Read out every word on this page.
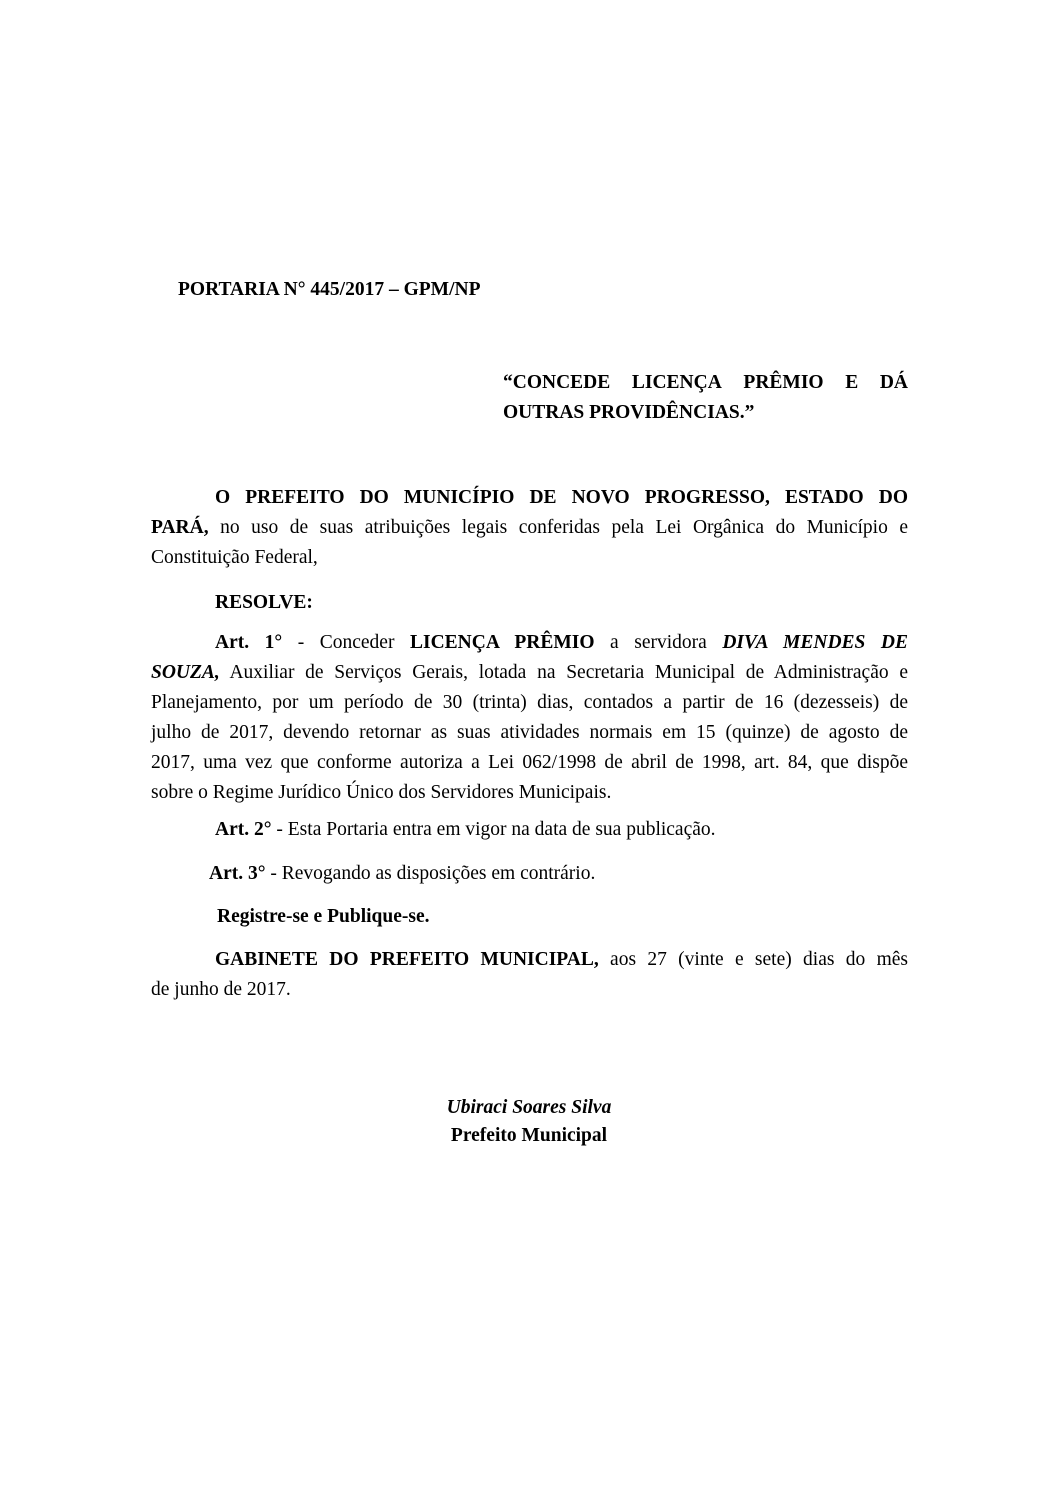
PORTARIA N° 445/2017 – GPM/NP
“CONCEDE LICENÇA PRÊMIO E DÁ
OUTRAS PROVIDÊNCIAS.”
O PREFEITO DO MUNICÍPIO DE NOVO PROGRESSO, ESTADO DO
PARÁ, no uso de suas atribuições legais conferidas pela Lei Orgânica do Município e
Constituição Federal,
RESOLVE:
Art. 1° - Conceder LICENÇA PRÊMIO a servidora DIVA MENDES DE
SOUZA, Auxiliar de Serviços Gerais, lotada na Secretaria Municipal de Administração e
Planejamento, por um período de 30 (trinta) dias, contados a partir de 16 (dezesseis) de
julho de 2017, devendo retornar as suas atividades normais em 15 (quinze) de agosto de
2017, uma vez que conforme autoriza a Lei 062/1998 de abril de 1998, art. 84, que dispõe
sobre o Regime Jurídico Único dos Servidores Municipais.
Art. 2° - Esta Portaria entra em vigor na data de sua publicação.
Art. 3° - Revogando as disposições em contrário.
Registre-se e Publique-se.
GABINETE DO PREFEITO MUNICIPAL, aos 27 (vinte e sete) dias do mês
de junho de 2017.
Ubiraci Soares Silva
Prefeito Municipal
